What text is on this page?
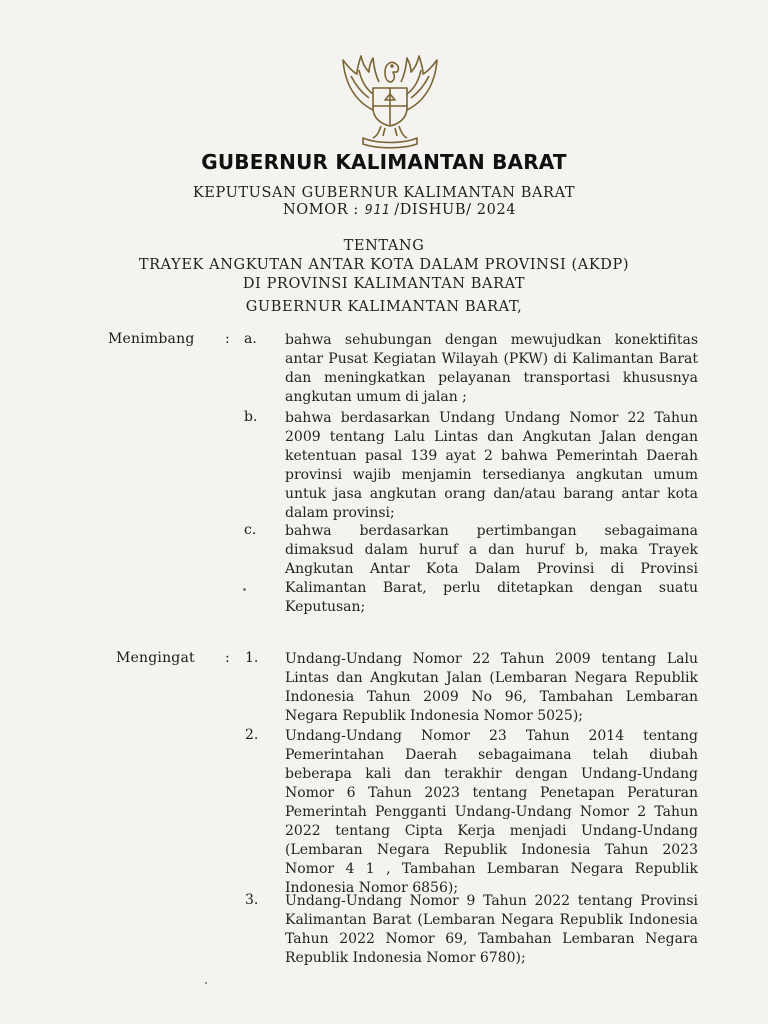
GUBERNUR KALIMANTAN BARAT
KEPUTUSAN GUBERNUR KALIMANTAN BARAT
NOMOR : 911 /DISHUB/ 2024
TENTANG
TRAYEK ANGKUTAN ANTAR KOTA DALAM PROVINSI (AKDP)
DI PROVINSI KALIMANTAN BARAT
GUBERNUR KALIMANTAN BARAT,
Menimbang : a. bahwa sehubungan dengan mewujudkan konektifitas antar Pusat Kegiatan Wilayah (PKW) di Kalimantan Barat dan meningkatkan pelayanan transportasi khususnya angkutan umum di jalan ;
b. bahwa berdasarkan Undang Undang Nomor 22 Tahun 2009 tentang Lalu Lintas dan Angkutan Jalan dengan ketentuan pasal 139 ayat 2 bahwa Pemerintah Daerah provinsi wajib menjamin tersedianya angkutan umum untuk jasa angkutan orang dan/atau barang antar kota dalam provinsi;
c. bahwa berdasarkan pertimbangan sebagaimana dimaksud dalam huruf a dan huruf b, maka Trayek Angkutan Antar Kota Dalam Provinsi di Provinsi Kalimantan Barat, perlu ditetapkan dengan suatu Keputusan;
Mengingat : 1. Undang-Undang Nomor 22 Tahun 2009 tentang Lalu Lintas dan Angkutan Jalan (Lembaran Negara Republik Indonesia Tahun 2009 No 96, Tambahan Lembaran Negara Republik Indonesia Nomor 5025);
2. Undang-Undang Nomor 23 Tahun 2014 tentang Pemerintahan Daerah sebagaimana telah diubah beberapa kali dan terakhir dengan Undang-Undang Nomor 6 Tahun 2023 tentang Penetapan Peraturan Pemerintah Pengganti Undang-Undang Nomor 2 Tahun 2022 tentang Cipta Kerja menjadi Undang-Undang (Lembaran Negara Republik Indonesia Tahun 2023 Nomor 4 1 , Tambahan Lembaran Negara Republik Indonesia Nomor 6856);
3. Undang-Undang Nomor 9 Tahun 2022 tentang Provinsi Kalimantan Barat (Lembaran Negara Republik Indonesia Tahun 2022 Nomor 69, Tambahan Lembaran Negara Republik Indonesia Nomor 6780);
